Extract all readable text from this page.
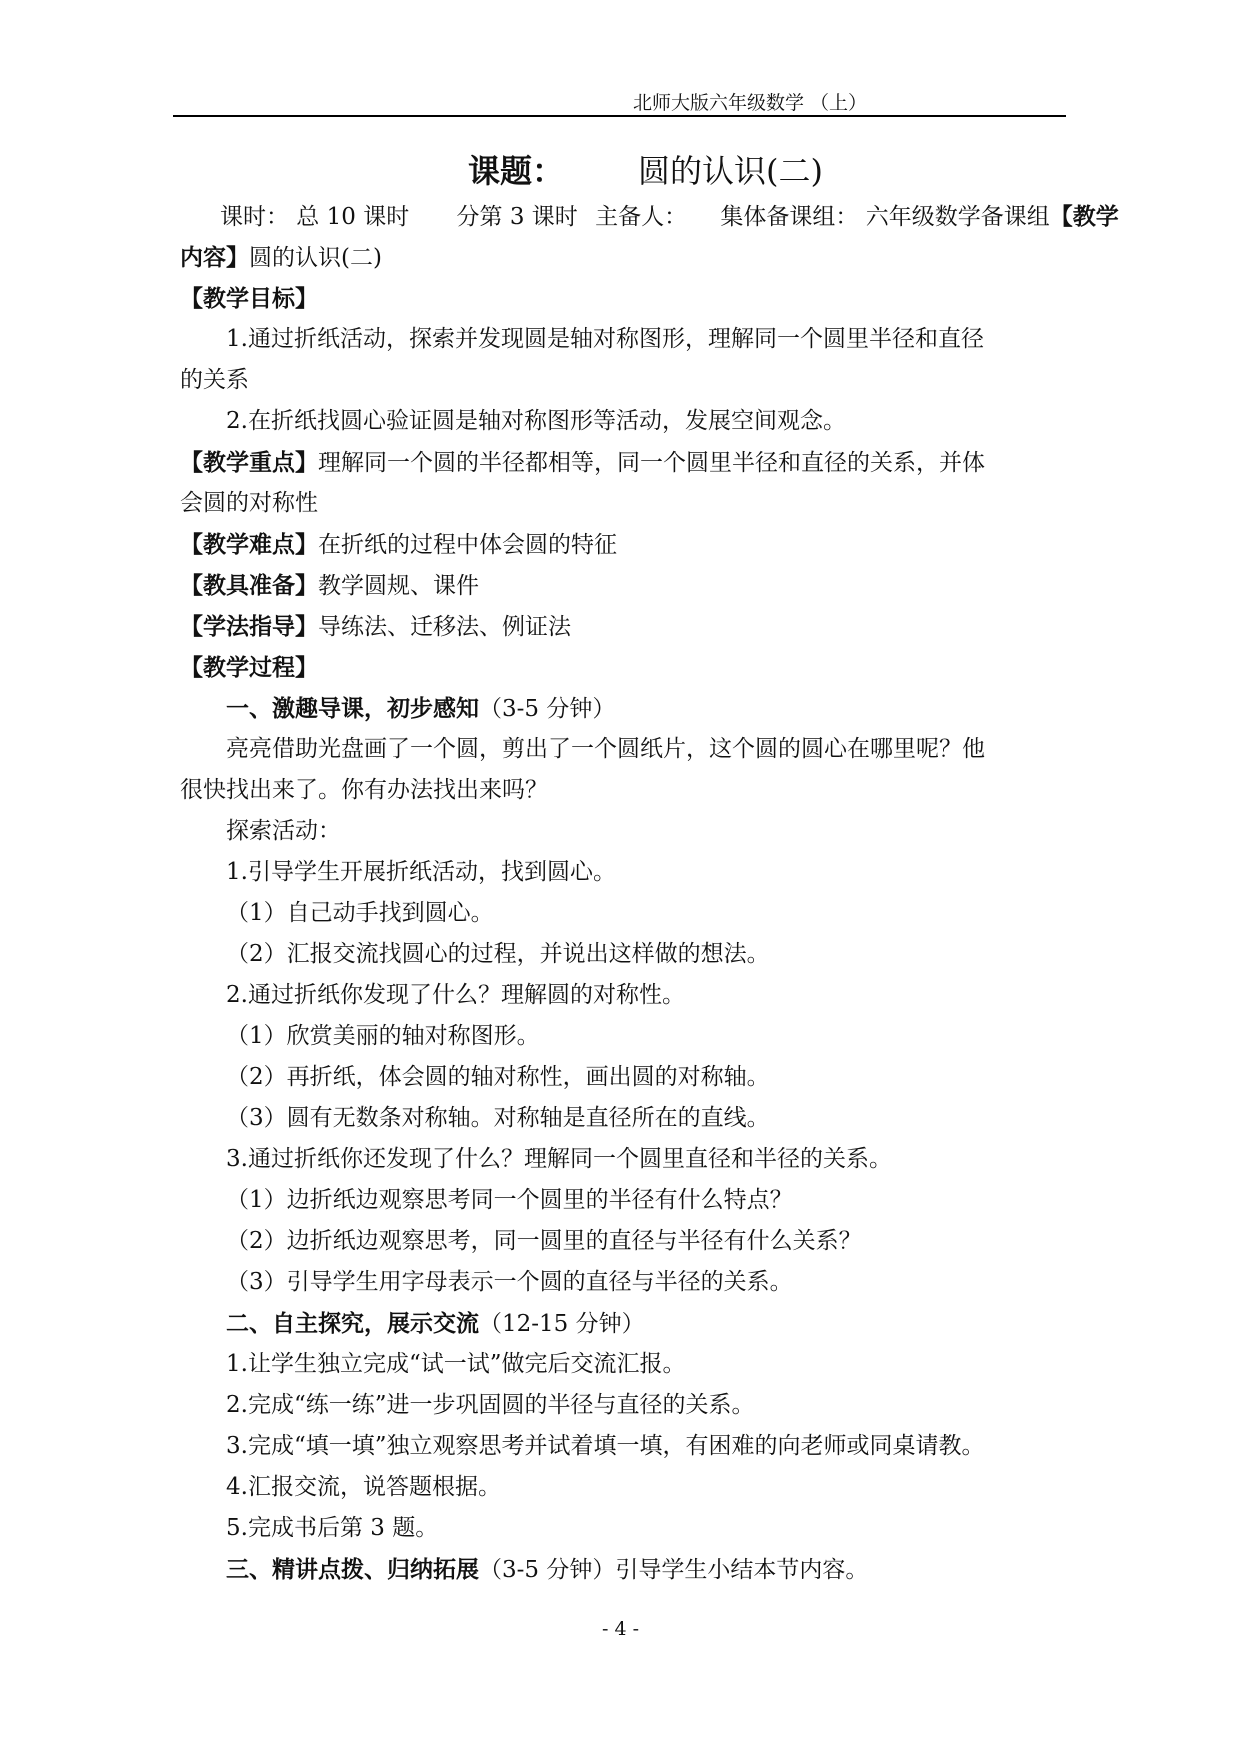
北师大版六年级数学 （上）
课题： 圆的认识(二)
课时： 总 10 课时 分第 3 课时 主备人： 集体备课组： 六年级数学备课组【教学
内容】圆的认识(二)
【教学目标】
1.通过折纸活动，探索并发现圆是轴对称图形，理解同一个圆里半径和直径
的关系
2.在折纸找圆心验证圆是轴对称图形等活动，发展空间观念。
【教学重点】理解同一个圆的半径都相等，同一个圆里半径和直径的关系，并体
会圆的对称性
【教学难点】在折纸的过程中体会圆的特征
【教具准备】教学圆规、课件
【学法指导】导练法、迁移法、例证法
【教学过程】
一、激趣导课，初步感知（3-5 分钟）
亮亮借助光盘画了一个圆，剪出了一个圆纸片，这个圆的圆心在哪里呢？他
很快找出来了。你有办法找出来吗？
探索活动：
1.引导学生开展折纸活动，找到圆心。
（1）自己动手找到圆心。
（2）汇报交流找圆心的过程，并说出这样做的想法。
2.通过折纸你发现了什么？理解圆的对称性。
（1）欣赏美丽的轴对称图形。
（2）再折纸，体会圆的轴对称性，画出圆的对称轴。
（3）圆有无数条对称轴。对称轴是直径所在的直线。
3.通过折纸你还发现了什么？理解同一个圆里直径和半径的关系。
（1）边折纸边观察思考同一个圆里的半径有什么特点？
（2）边折纸边观察思考，同一圆里的直径与半径有什么关系？
（3）引导学生用字母表示一个圆的直径与半径的关系。
二、自主探究，展示交流（12-15 分钟）
1.让学生独立完成“试一试”做完后交流汇报。
2.完成“练一练”进一步巩固圆的半径与直径的关系。
3.完成“填一填”独立观察思考并试着填一填，有困难的向老师或同桌请教。
4.汇报交流，说答题根据。
5.完成书后第 3 题。
三、精讲点拨、归纳拓展（3-5 分钟）引导学生小结本节内容。
- 4 -
